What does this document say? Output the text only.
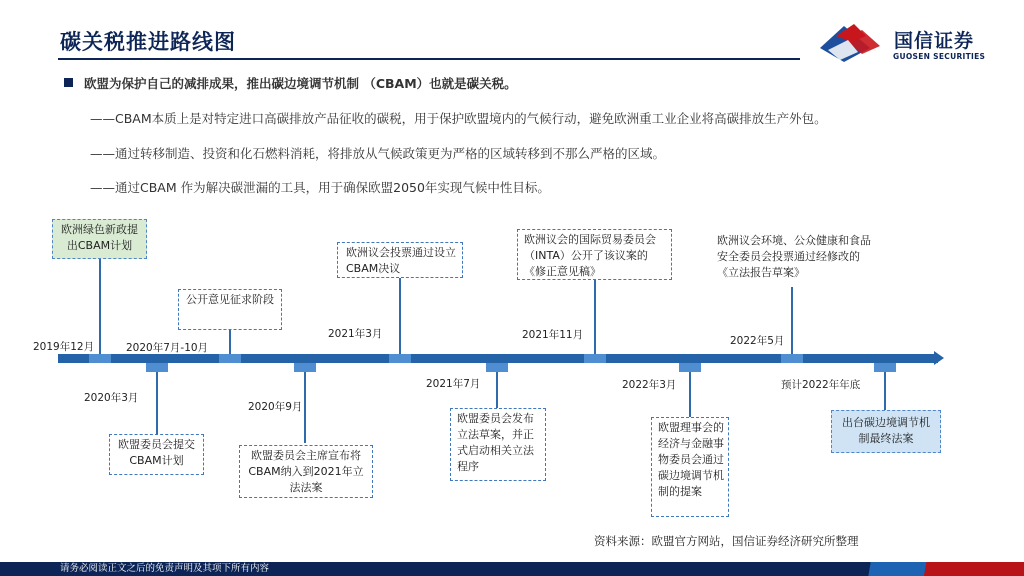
碳关税推进路线图	国信证券
GUOSEN SECURITIES
欧盟为保护自己的减排成果，推出碳边境调节机制 （CBAM）也就是碳关税。
——CBAM本质上是对特定进口高碳排放产品征收的碳税，用于保护欧盟境内的气候行动，避免欧洲重工业企业将高碳排放生产外包。
——通过转移制造、投资和化石燃料消耗，将排放从气候政策更为严格的区域转移到不那么严格的区域。
——通过CBAM 作为解决碳泄漏的工具，用于确保欧盟2050年实现气候中性目标。
2019年12月
2020年3月
2020年7月-10月
2020年9月
2021年3月
2021年7月
2021年11月
2022年3月
2022年5月
预计2022年年底
欧洲绿色新政提出CBAM计划
欧盟委员会提交CBAM计划
公开意见征求阶段
欧盟委员会主席宣布将CBAM纳入到2021年立法法案
欧洲议会投票通过设立CBAM决议
欧盟委员会发布立法草案，并正式启动相关立法程序
欧洲议会的国际贸易委员会（INTA）公开了该议案的《修正意见稿》
欧盟理事会的经济与金融事物委员会通过碳边境调节机制的提案
欧洲议会环境、公众健康和食品安全委员会投票通过经修改的《立法报告草案》
出台碳边境调节机制最终法案
资料来源：欧盟官方网站，国信证券经济研究所整理
请务必阅读正文之后的免责声明及其项下所有内容
